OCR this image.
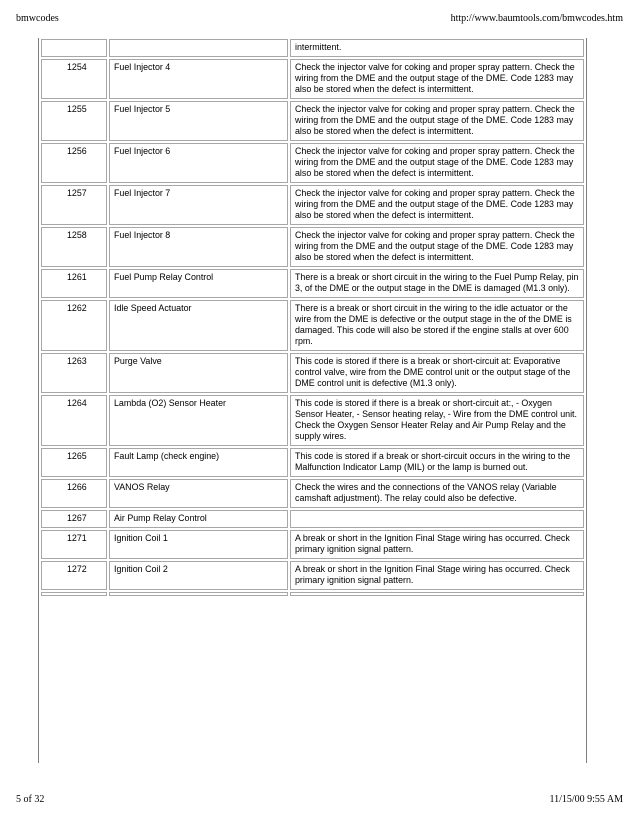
bmwcodes	http://www.baumtools.com/bmwcodes.htm
		intermittent.
1254	Fuel Injector 4	Check the injector valve for coking and proper spray pattern. Check the wiring from the DME and the output stage of the DME. Code 1283 may also be stored when the defect is intermittent.
1255	Fuel Injector 5	Check the injector valve for coking and proper spray pattern. Check the wiring from the DME and the output stage of the DME. Code 1283 may also be stored when the defect is intermittent.
1256	Fuel Injector 6	Check the injector valve for coking and proper spray pattern. Check the wiring from the DME and the output stage of the DME. Code 1283 may also be stored when the defect is intermittent.
1257	Fuel Injector 7	Check the injector valve for coking and proper spray pattern. Check the wiring from the DME and the output stage of the DME. Code 1283 may also be stored when the defect is intermittent.
1258	Fuel Injector 8	Check the injector valve for coking and proper spray pattern. Check the wiring from the DME and the output stage of the DME. Code 1283 may also be stored when the defect is intermittent.
1261	Fuel Pump Relay Control	There is a break or short circuit in the wiring to the Fuel Pump Relay, pin 3, of the DME or the output stage in the DME is damaged (M1.3 only).
1262	Idle Speed Actuator	There is a break or short circuit in the wiring to the idle actuator or the wire from the DME is defective or the output stage in the of the DME is damaged. This code will also be stored if the engine stalls at over 600 rpm.
1263	Purge Valve	This code is stored if there is a break or short-circuit at: Evaporative control valve, wire from the DME control unit or the output stage of the DME control unit is defective (M1.3 only).
1264	Lambda (O2) Sensor Heater	This code is stored if there is a break or short-circuit at:, - Oxygen Sensor Heater, - Sensor heating relay, - Wire from the DME control unit. Check the Oxygen Sensor Heater Relay and Air Pump Relay and the supply wires.
1265	Fault Lamp (check engine)	This code is stored if a break or short-circuit occurs in the wiring to the Malfunction Indicator Lamp (MIL) or the lamp is burned out.
1266	VANOS Relay	Check the wires and the connections of the VANOS relay (Variable camshaft adjustment). The relay could also be defective.
1267	Air Pump Relay Control	
1271	Ignition Coil 1	A break or short in the Ignition Final Stage wiring has occurred. Check primary ignition signal pattern.
1272	Ignition Coil 2	A break or short in the Ignition Final Stage wiring has occurred. Check primary ignition signal pattern.

5 of 32	11/15/00 9:55 AM
